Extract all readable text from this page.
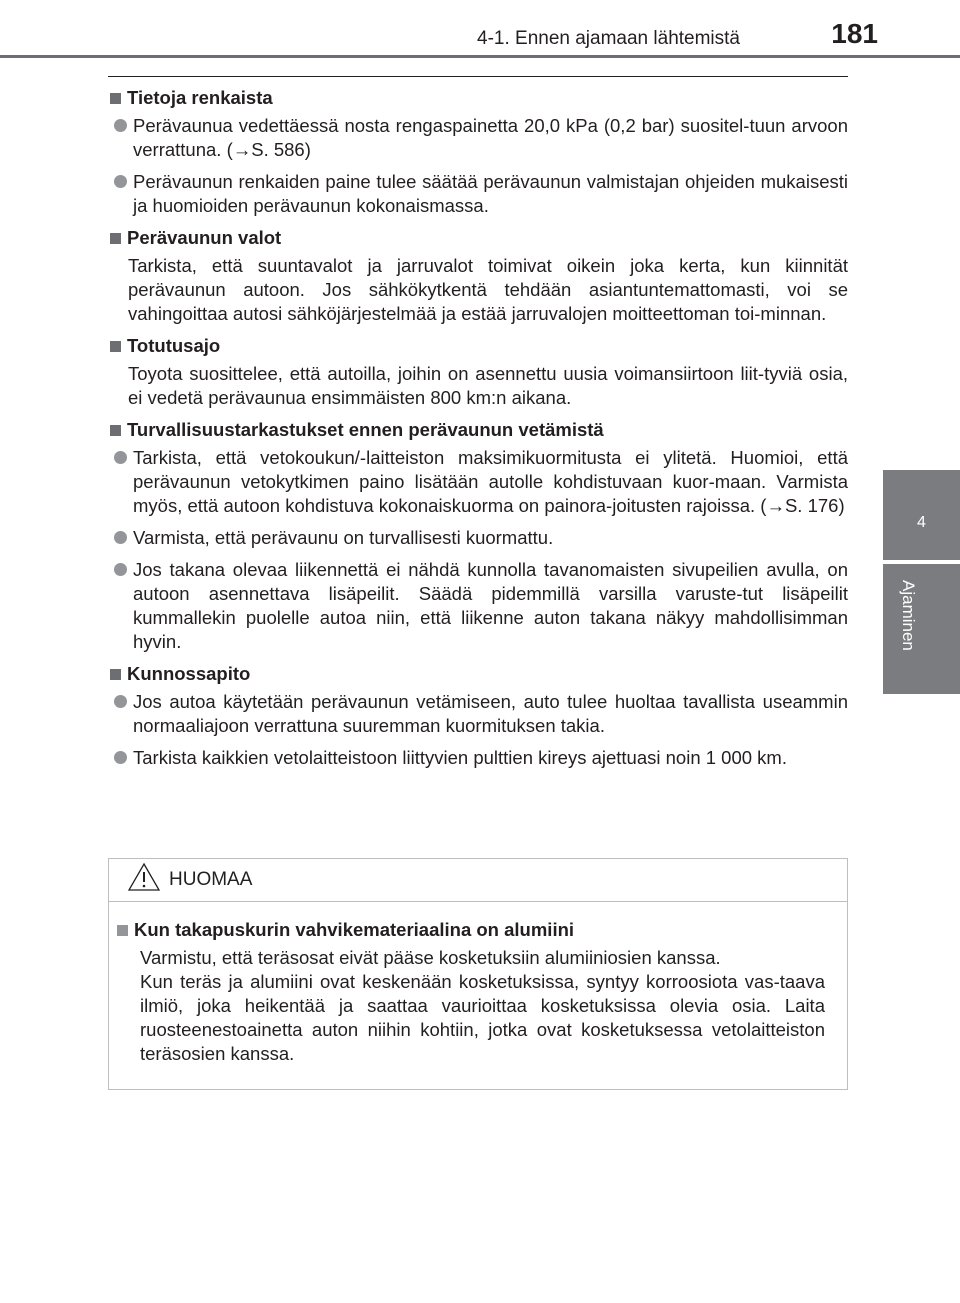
4-1. Ennen ajamaan lähtemistä	181
4
Ajaminen
Tietoja renkaista
Perävaunua vedettäessä nosta rengaspainetta 20,0 kPa (0,2 bar) suositel-tuun arvoon verrattuna. (→S. 586)
Perävaunun renkaiden paine tulee säätää perävaunun valmistajan ohjeiden mukaisesti ja huomioiden perävaunun kokonaismassa.
Perävaunun valot
Tarkista, että suuntavalot ja jarruvalot toimivat oikein joka kerta, kun kiinnität perävaunun autoon. Jos sähkökytkentä tehdään asiantuntemattomasti, voi se vahingoittaa autosi sähköjärjestelmää ja estää jarruvalojen moitteettoman toi-minnan.
Totutusajo
Toyota suosittelee, että autoilla, joihin on asennettu uusia voimansiirtoon liit-tyviä osia, ei vedetä perävaunua ensimmäisten 800 km:n aikana.
Turvallisuustarkastukset ennen perävaunun vetämistä
Tarkista, että vetokoukun/-laitteiston maksimikuormitusta ei ylitetä. Huomioi, että perävaunun vetokytkimen paino lisätään autolle kohdistuvaan kuor-maan. Varmista myös, että autoon kohdistuva kokonaiskuorma on painora-joitusten rajoissa. (→S. 176)
Varmista, että perävaunu on turvallisesti kuormattu.
Jos takana olevaa liikennettä ei nähdä kunnolla tavanomaisten sivupeilien avulla, on autoon asennettava lisäpeilit. Säädä pidemmillä varsilla varuste-tut lisäpeilit kummallekin puolelle autoa niin, että liikenne auton takana näkyy mahdollisimman hyvin.
Kunnossapito
Jos autoa käytetään perävaunun vetämiseen, auto tulee huoltaa tavallista useammin normaaliajoon verrattuna suuremman kuormituksen takia.
Tarkista kaikkien vetolaitteistoon liittyvien pulttien kireys ajettuasi noin 1 000 km.
HUOMAA
Kun takapuskurin vahvikemateriaalina on alumiini
Varmistu, että teräsosat eivät pääse kosketuksiin alumiiniosien kanssa.
Kun teräs ja alumiini ovat keskenään kosketuksissa, syntyy korroosiota vas-taava ilmiö, joka heikentää ja saattaa vaurioittaa kosketuksissa olevia osia. Laita ruosteenestoainetta auton niihin kohtiin, jotka ovat kosketuksessa vetolaitteiston teräsosien kanssa.
